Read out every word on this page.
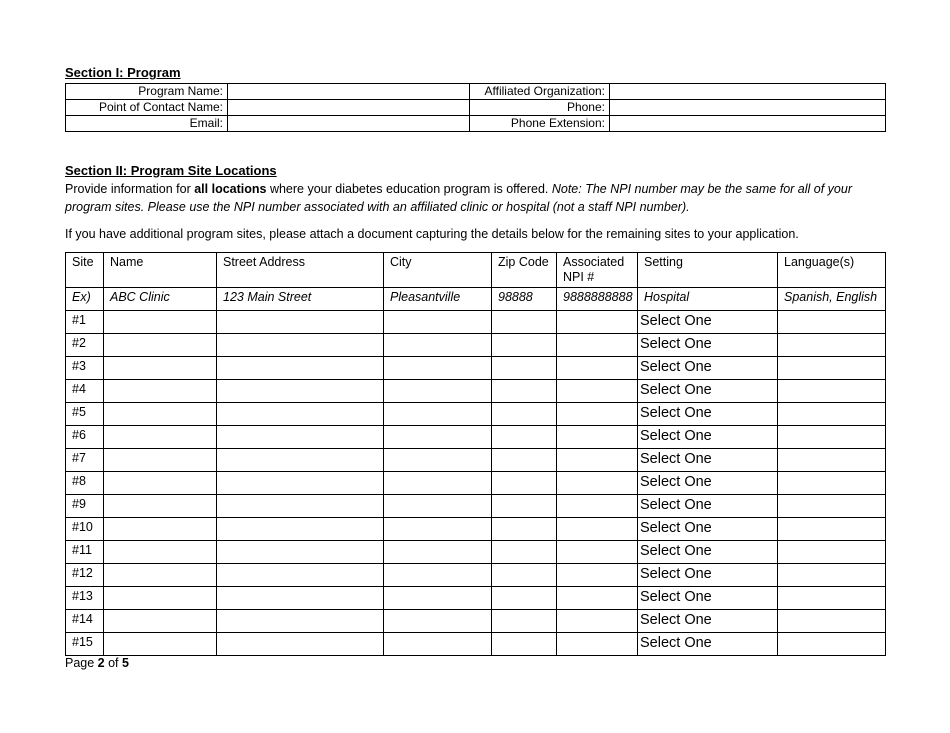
Section I: Program
Program Name:		Affiliated Organization:	
Point of Contact Name:		Phone:	
Email:		Phone Extension:	
Section II: Program Site Locations
Provide information for all locations where your diabetes education program is offered. Note: The NPI number may be the same for all of your program sites. Please use the NPI number associated with an affiliated clinic or hospital (not a staff NPI number).
If you have additional program sites, please attach a document capturing the details below for the remaining sites to your application.
Site	Name	Street Address	City	Zip Code	Associated NPI #	Setting	Language(s)
Ex)	ABC Clinic	123 Main Street	Pleasantville	98888	9888888888	Hospital	Spanish, English
#1						Select One	
#2						Select One	
#3						Select One	
#4						Select One	
#5						Select One	
#6						Select One	
#7						Select One	
#8						Select One	
#9						Select One	
#10						Select One	
#11						Select One	
#12						Select One	
#13						Select One	
#14						Select One	
#15						Select One	
Page 2 of 5
